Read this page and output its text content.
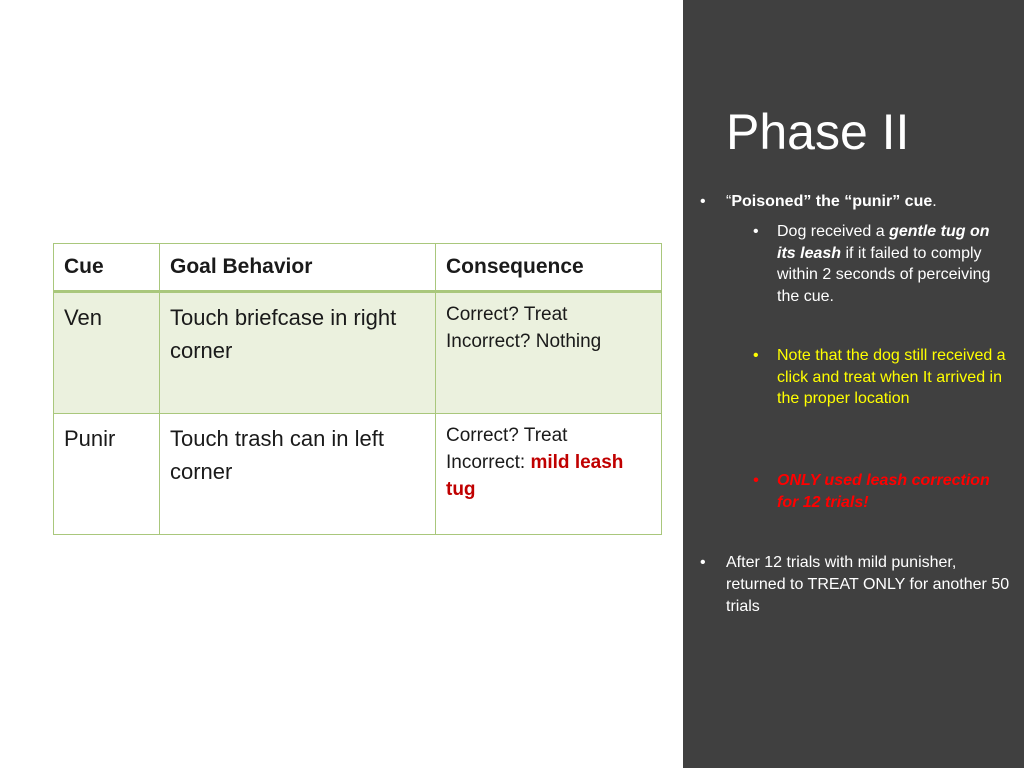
Cue	Goal Behavior	Consequence
Ven	Touch briefcase in right corner	Correct? Treat
Incorrect? Nothing

Punir	Touch trash can in left corner	Correct? Treat
Incorrect: mild leash tug
Phase II
• “Poisoned” the “punir” cue.
• Dog received a gentle tug on its leash if it failed to comply within 2 seconds of perceiving the cue.
• Note that the dog still received a click and treat when It arrived in the proper location
• ONLY used leash correction for 12 trials!
• After 12 trials with mild punisher, returned to TREAT ONLY for another 50 trials
